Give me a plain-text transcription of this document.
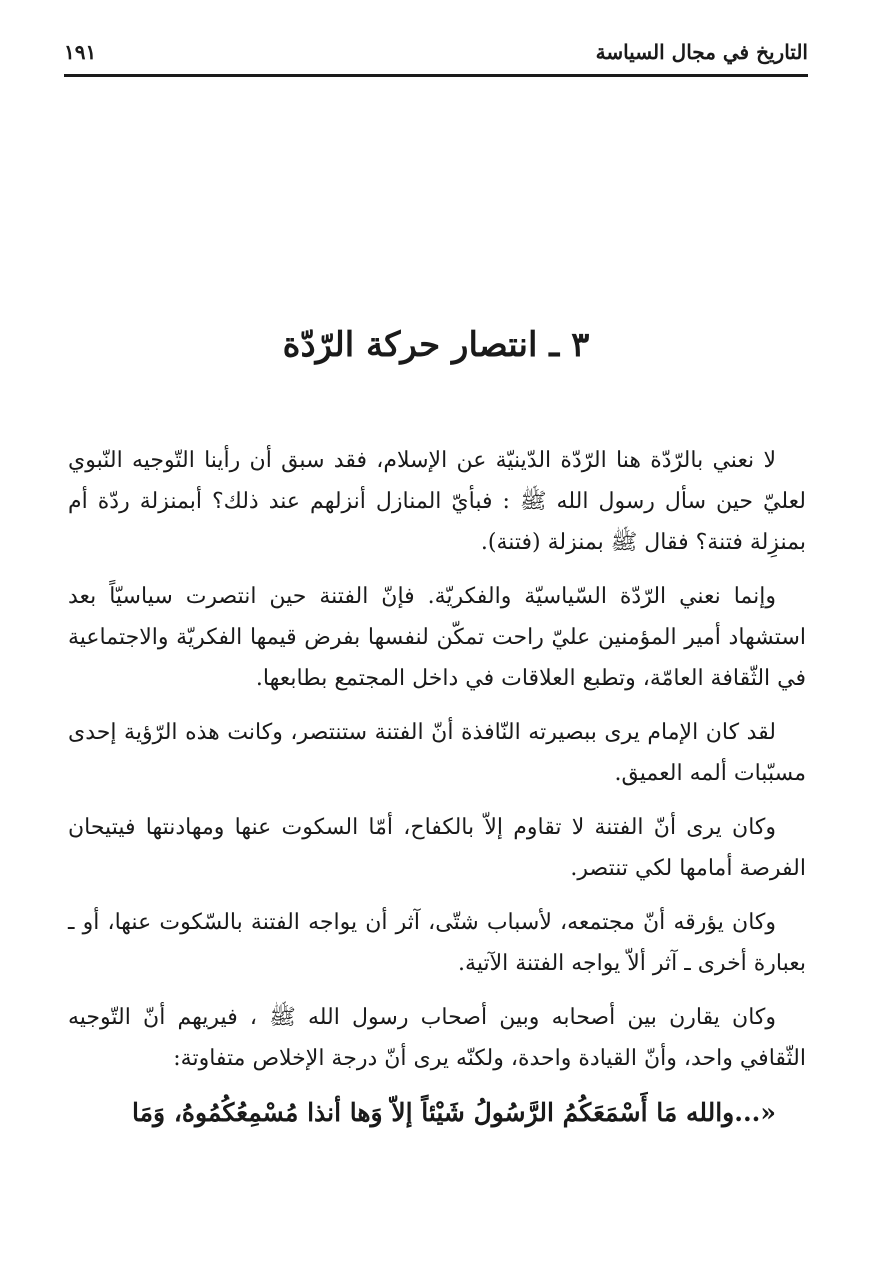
التاريخ في مجال السياسة
١٩١
٣ ـ انتصار حركة الرّدّة

لا نعني بالرّدّة هنا الرّدّة الدّينيّة عن الإسلام، فقد سبق أن رأينا التّوجيه النّبوي لعليّ حين سأل رسول الله ﷺ : فبأيّ المنازل أنزلهم عند ذلك؟ أبمنزلة ردّة أم بمنزِلة فتنة؟ فقال ﷺ بمنزلة (فتنة).

وإنما نعني الرّدّة السّياسيّة والفكريّة. فإنّ الفتنة حين انتصرت سياسيّاً بعد استشهاد أمير المؤمنين عليّ راحت تمكّن لنفسها بفرض قيمها الفكريّة والاجتماعية في الثّقافة العامّة، وتطبع العلاقات في داخل المجتمع بطابعها.

لقد كان الإمام يرى ببصيرته النّافذة أنّ الفتنة ستنتصر، وكانت هذه الرّؤية إحدى مسبّبات ألمه العميق.

وكان يرى أنّ الفتنة لا تقاوم إلاّ بالكفاح، أمّا السكوت عنها ومهادنتها فيتيحان الفرصة أمامها لكي تنتصر.

وكان يؤرقه أنّ مجتمعه، لأسباب شتّى، آثر أن يواجه الفتنة بالسّكوت عنها، أو ـ بعبارة أخرى ـ آثر ألاّ يواجه الفتنة الآتية.

وكان يقارن بين أصحابه وبين أصحاب رسول الله ﷺ ، فيريهم أنّ التّوجيه الثّقافي واحد، وأنّ القيادة واحدة، ولكنّه يرى أنّ درجة الإخلاص متفاوتة:

«...والله مَا أَسْمَعَكُمُ الرَّسُولُ شَيْئاً إلاّ وَها أنذا مُسْمِعُكُمُوهُ، وَمَا
